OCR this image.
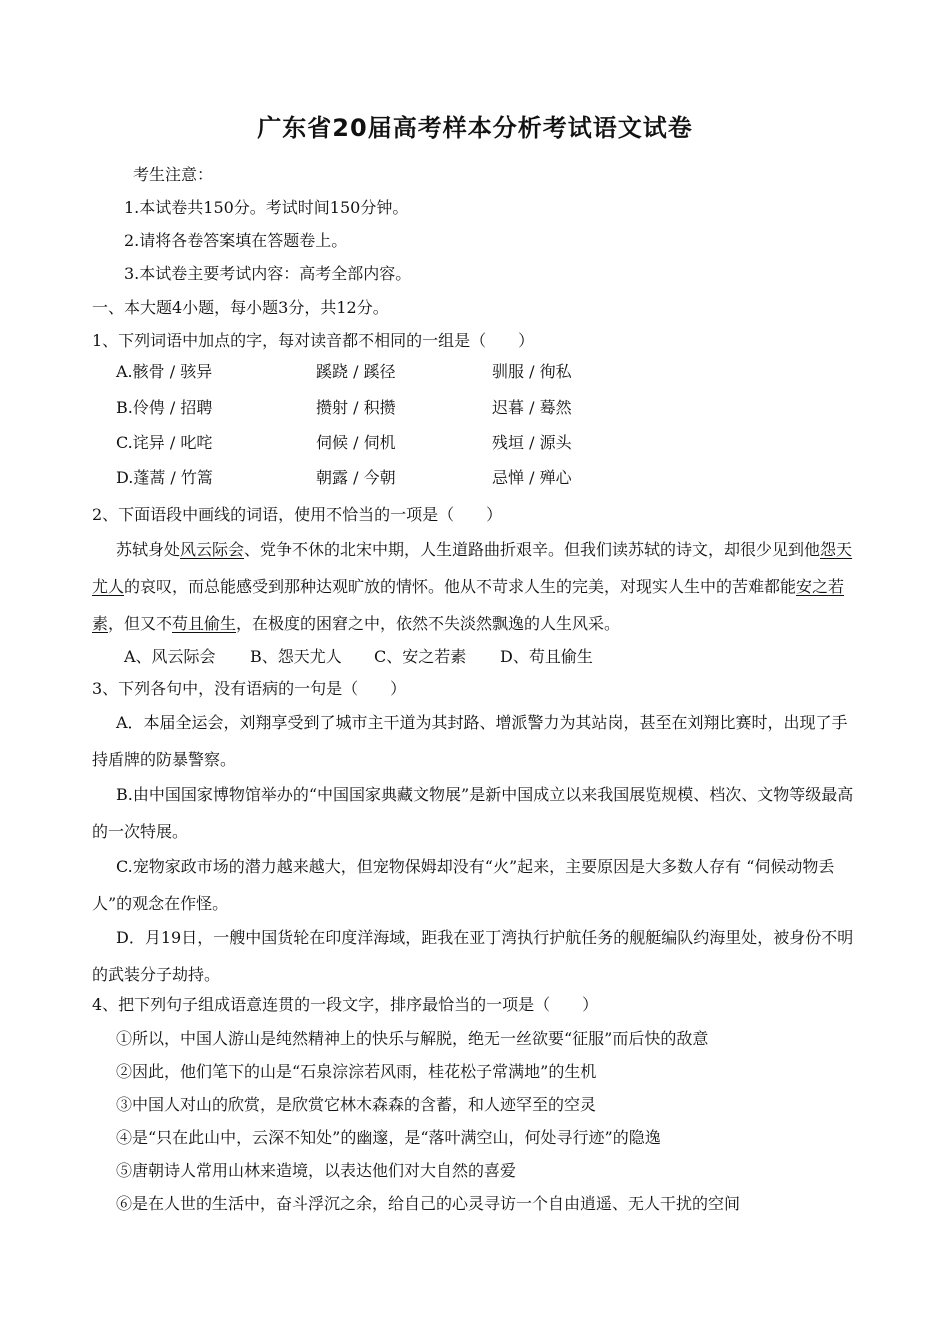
广东省20届高考样本分析考试语文试卷
考生注意：
1.本试卷共150分。考试时间150分钟。
2.请将各卷答案填在答题卷上。
3.本试卷主要考试内容：高考全部内容。
一、本大题4小题，每小题3分，共12分。
1、下列词语中加点的字，每对读音都不相同的一组是（　　）
A.骸骨 / 骇异	蹊跷 / 蹊径	驯服 / 徇私
B.伶俜 / 招聘	攒射 / 积攒	迟暮 / 蓦然
C.诧异 / 叱咤	伺候 / 伺机	残垣 / 源头
D.蓬蒿 / 竹篙	朝露 / 今朝	忌惮 / 殚心
2、下面语段中画线的词语，使用不恰当的一项是（　　）
苏轼身处风云际会、党争不休的北宋中期，人生道路曲折艰辛。但我们读苏轼的诗文，却很少见到他怨天尤人的哀叹，而总能感受到那种达观旷放的情怀。他从不苛求人生的完美，对现实人生中的苦难都能安之若素，但又不苟且偷生，在极度的困窘之中，依然不失淡然飘逸的人生风采。
A、风云际会 B、怨天尤人 C、安之若素 D、苟且偷生
3、下列各句中，没有语病的一句是（　　）
A．本届全运会，刘翔享受到了城市主干道为其封路、增派警力为其站岗，甚至在刘翔比赛时，出现了手持盾牌的防暴警察。
B.由中国国家博物馆举办的“中国国家典藏文物展”是新中国成立以来我国展览规模、档次、文物等级最高的一次特展。
C.宠物家政市场的潜力越来越大，但宠物保姆却没有“火”起来，主要原因是大多数人存有 “伺候动物丢人”的观念在作怪。
D．月19日，一艘中国货轮在印度洋海域，距我在亚丁湾执行护航任务的舰艇编队约海里处，被身份不明的武装分子劫持。
4、把下列句子组成语意连贯的一段文字，排序最恰当的一项是（　　）
①所以，中国人游山是纯然精神上的快乐与解脱，绝无一丝欲要“征服”而后快的敌意
②因此，他们笔下的山是“石泉淙淙若风雨，桂花松子常满地”的生机
③中国人对山的欣赏，是欣赏它林木森森的含蓄，和人迹罕至的空灵
④是“只在此山中，云深不知处”的幽邃，是“落叶满空山，何处寻行迹”的隐逸
⑤唐朝诗人常用山林来造境，以表达他们对大自然的喜爱
⑥是在人世的生活中，奋斗浮沉之余，给自己的心灵寻访一个自由逍遥、无人干扰的空间
